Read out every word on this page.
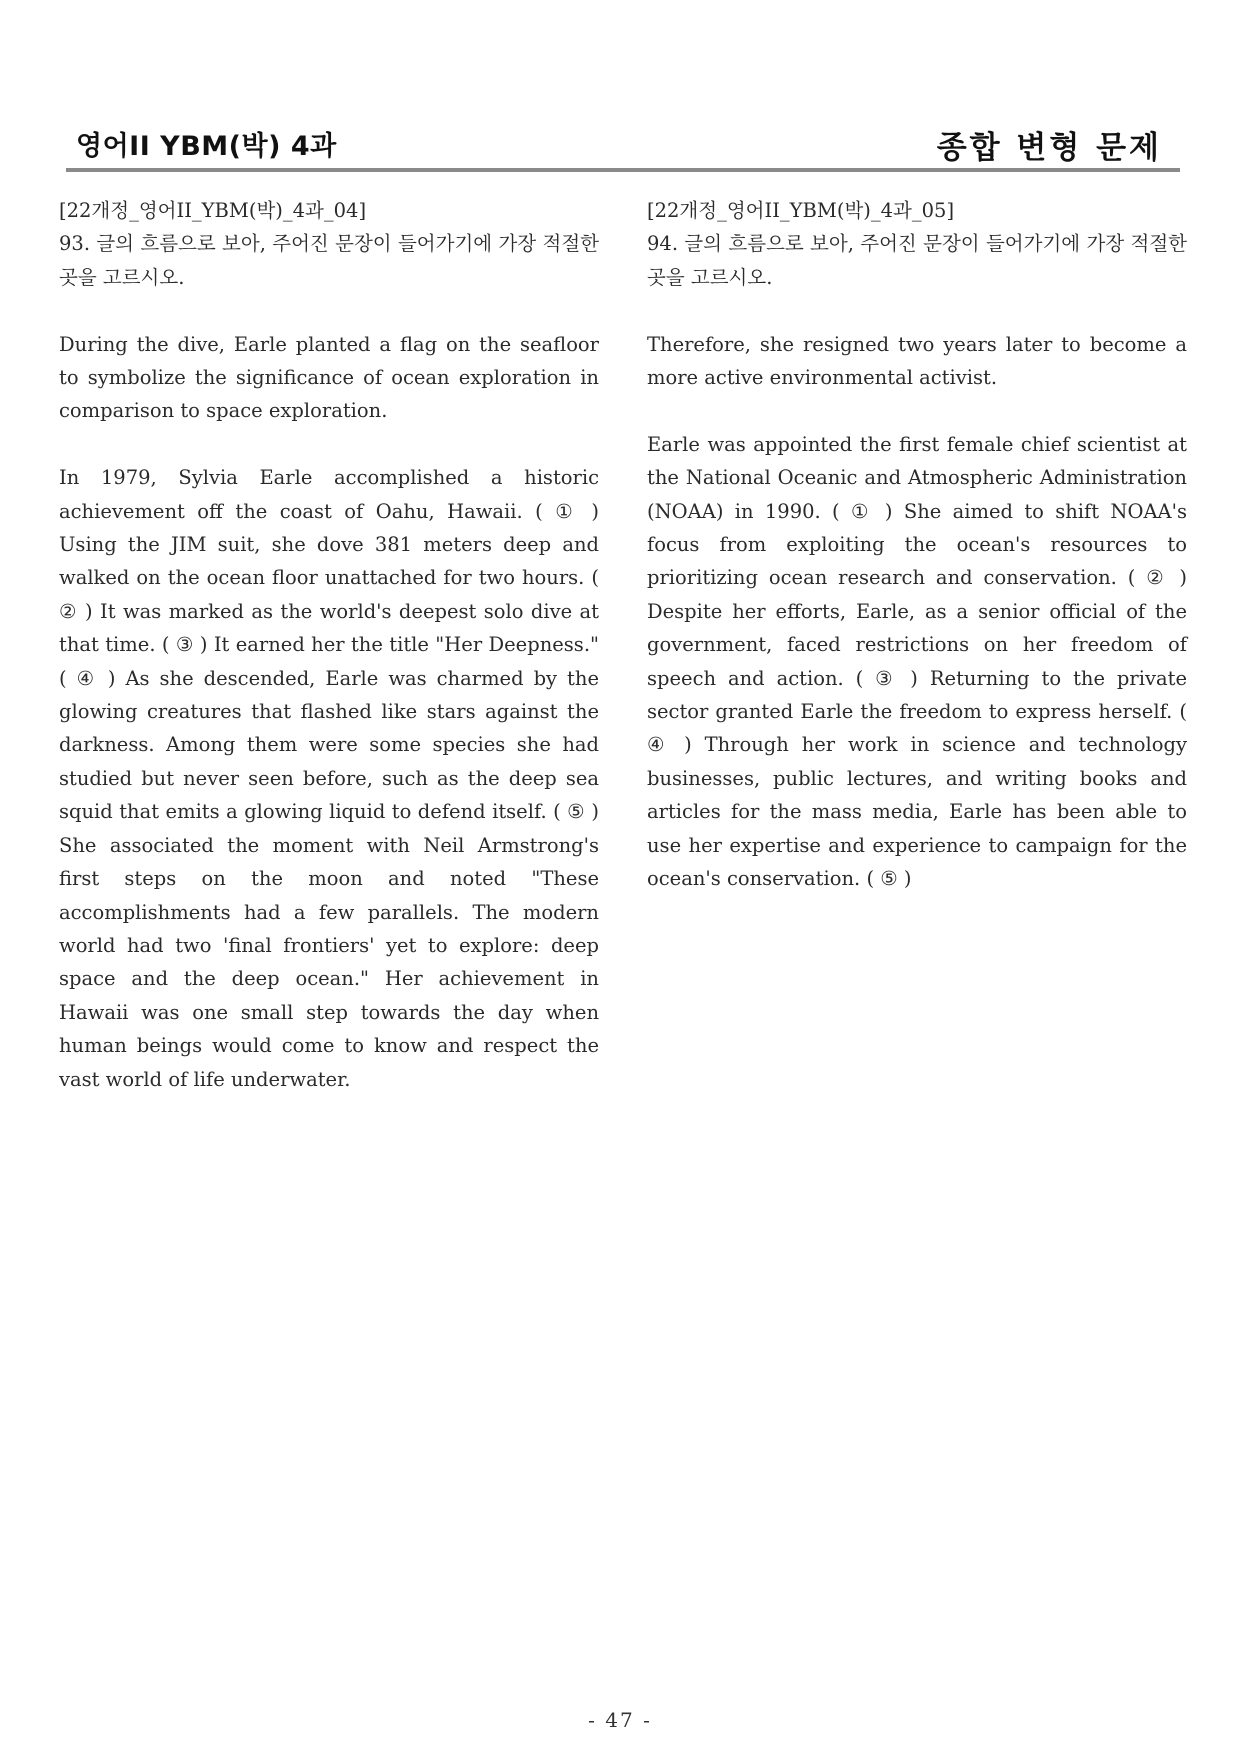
영어II YBM(박) 4과	종합 변형 문제
[22개정_영어II_YBM(박)_4과_04]
93. 글의 흐름으로 보아, 주어진 문장이 들어가기에 가장 적절한 곳을 고르시오.

During the dive, Earle planted a flag on the seafloor to symbolize the significance of ocean exploration in comparison to space exploration.

In 1979, Sylvia Earle accomplished a historic achievement off the coast of Oahu, Hawaii. ( ① ) Using the JIM suit, she dove 381 meters deep and walked on the ocean floor unattached for two hours. ( ② ) It was marked as the world's deepest solo dive at that time. ( ③ ) It earned her the title "Her Deepness." ( ④ ) As she descended, Earle was charmed by the glowing creatures that flashed like stars against the darkness. Among them were some species she had studied but never seen before, such as the deep sea squid that emits a glowing liquid to defend itself. ( ⑤ ) She associated the moment with Neil Armstrong's first steps on the moon and noted "These accomplishments had a few parallels. The modern world had two 'final frontiers' yet to explore: deep space and the deep ocean." Her achievement in Hawaii was one small step towards the day when human beings would come to know and respect the vast world of life underwater.

[22개정_영어II_YBM(박)_4과_05]
94. 글의 흐름으로 보아, 주어진 문장이 들어가기에 가장 적절한 곳을 고르시오.

Therefore, she resigned two years later to become a more active environmental activist.

Earle was appointed the first female chief scientist at the National Oceanic and Atmospheric Administration (NOAA) in 1990. ( ① ) She aimed to shift NOAA's focus from exploiting the ocean's resources to prioritizing ocean research and conservation. ( ② ) Despite her efforts, Earle, as a senior official of the government, faced restrictions on her freedom of speech and action. ( ③ ) Returning to the private sector granted Earle the freedom to express herself. ( ④ ) Through her work in science and technology businesses, public lectures, and writing books and articles for the mass media, Earle has been able to use her expertise and experience to campaign for the ocean's conservation. ( ⑤ )

- 47 -
